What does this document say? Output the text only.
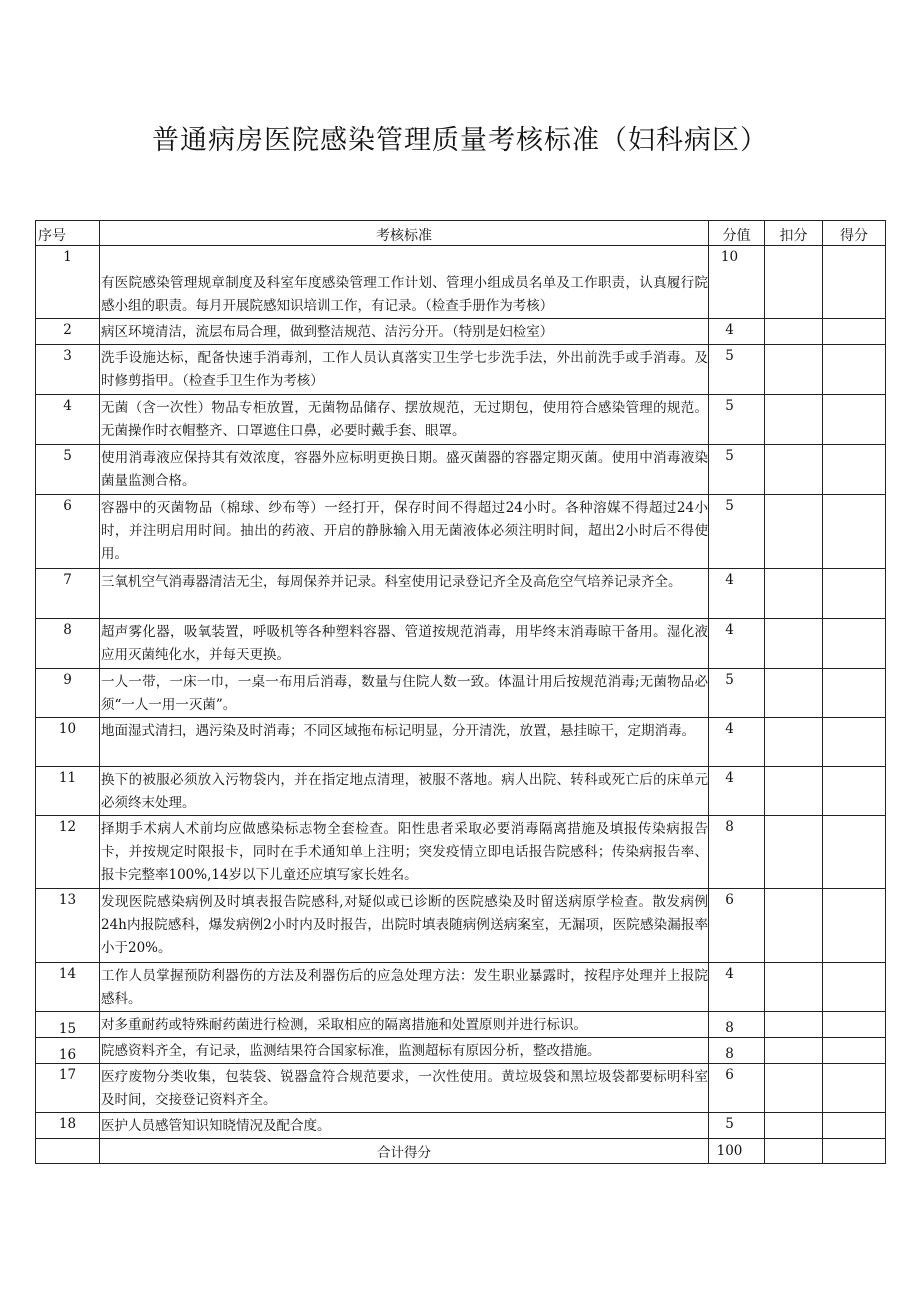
普通病房医院感染管理质量考核标准（妇科病区）
序号	考核标准	分值	扣分	得分
1	有医院感染管理规章制度及科室年度感染管理工作计划、管理小组成员名单及工作职责，认真履行院感小组的职责。每月开展院感知识培训工作，有记录。（检查手册作为考核）	10		
2	病区环境清洁，流层布局合理，做到整洁规范、洁污分开。（特别是妇检室）	4		
3	洗手设施达标，配备快速手消毒剂，工作人员认真落实卫生学七步洗手法，外出前洗手或手消毒。及时修剪指甲。（检查手卫生作为考核）	5		
4	无菌（含一次性）物品专柜放置，无菌物品储存、摆放规范，无过期包，使用符合感染管理的规范。无菌操作时衣帽整齐、口罩遮住口鼻，必要时戴手套、眼罩。	5		
5	使用消毒液应保持其有效浓度，容器外应标明更换日期。盛灭菌器的容器定期灭菌。使用中消毒液染菌量监测合格。	5		
6	容器中的灭菌物品（棉球、纱布等）一经打开，保存时间不得超过24小时。各种溶媒不得超过24小时，并注明启用时间。抽出的药液、开启的静脉输入用无菌液体必须注明时间，超出2小时后不得使用。	5		
7	三氧机空气消毒器清洁无尘，每周保养并记录。科室使用记录登记齐全及高危空气培养记录齐全。	4		
8	超声雾化器，吸氧装置，呼吸机等各种塑料容器、管道按规范消毒，用毕终末消毒晾干备用。湿化液应用灭菌纯化水，并每天更换。	4		
9	一人一带，一床一巾，一桌一布用后消毒，数量与住院人数一致。体温计用后按规范消毒;无菌物品必须“一人一用一灭菌”。	5		
10	地面湿式清扫，遇污染及时消毒；不同区域拖布标记明显，分开清洗，放置，悬挂晾干，定期消毒。	4		
11	换下的被服必须放入污物袋内，并在指定地点清理，被服不落地。病人出院、转科或死亡后的床单元必须终末处理。	4		
12	择期手术病人术前均应做感染标志物全套检查。阳性患者采取必要消毒隔离措施及填报传染病报告卡，并按规定时限报卡，同时在手术通知单上注明；突发疫情立即电话报告院感科；传染病报告率、报卡完整率100%,14岁以下儿童还应填写家长姓名。	8		
13	发现医院感染病例及时填表报告院感科,对疑似或已诊断的医院感染及时留送病原学检查。散发病例24h内报院感科，爆发病例2小时内及时报告，出院时填表随病例送病案室，无漏项，医院感染漏报率小于20%。	6		
14	工作人员掌握预防利器伤的方法及利器伤后的应急处理方法：发生职业暴露时，按程序处理并上报院感科。	4		
15	对多重耐药或特殊耐药菌进行检测，采取相应的隔离措施和处置原则并进行标识。	8		
16	院感资料齐全，有记录，监测结果符合国家标准，监测超标有原因分析，整改措施。	8		
17	医疗废物分类收集，包装袋、锐器盒符合规范要求，一次性使用。黄垃圾袋和黑垃圾袋都要标明科室及时间，交接登记资料齐全。	6		
18	医护人员感管知识知晓情况及配合度。	5		
	合计得分	100		
